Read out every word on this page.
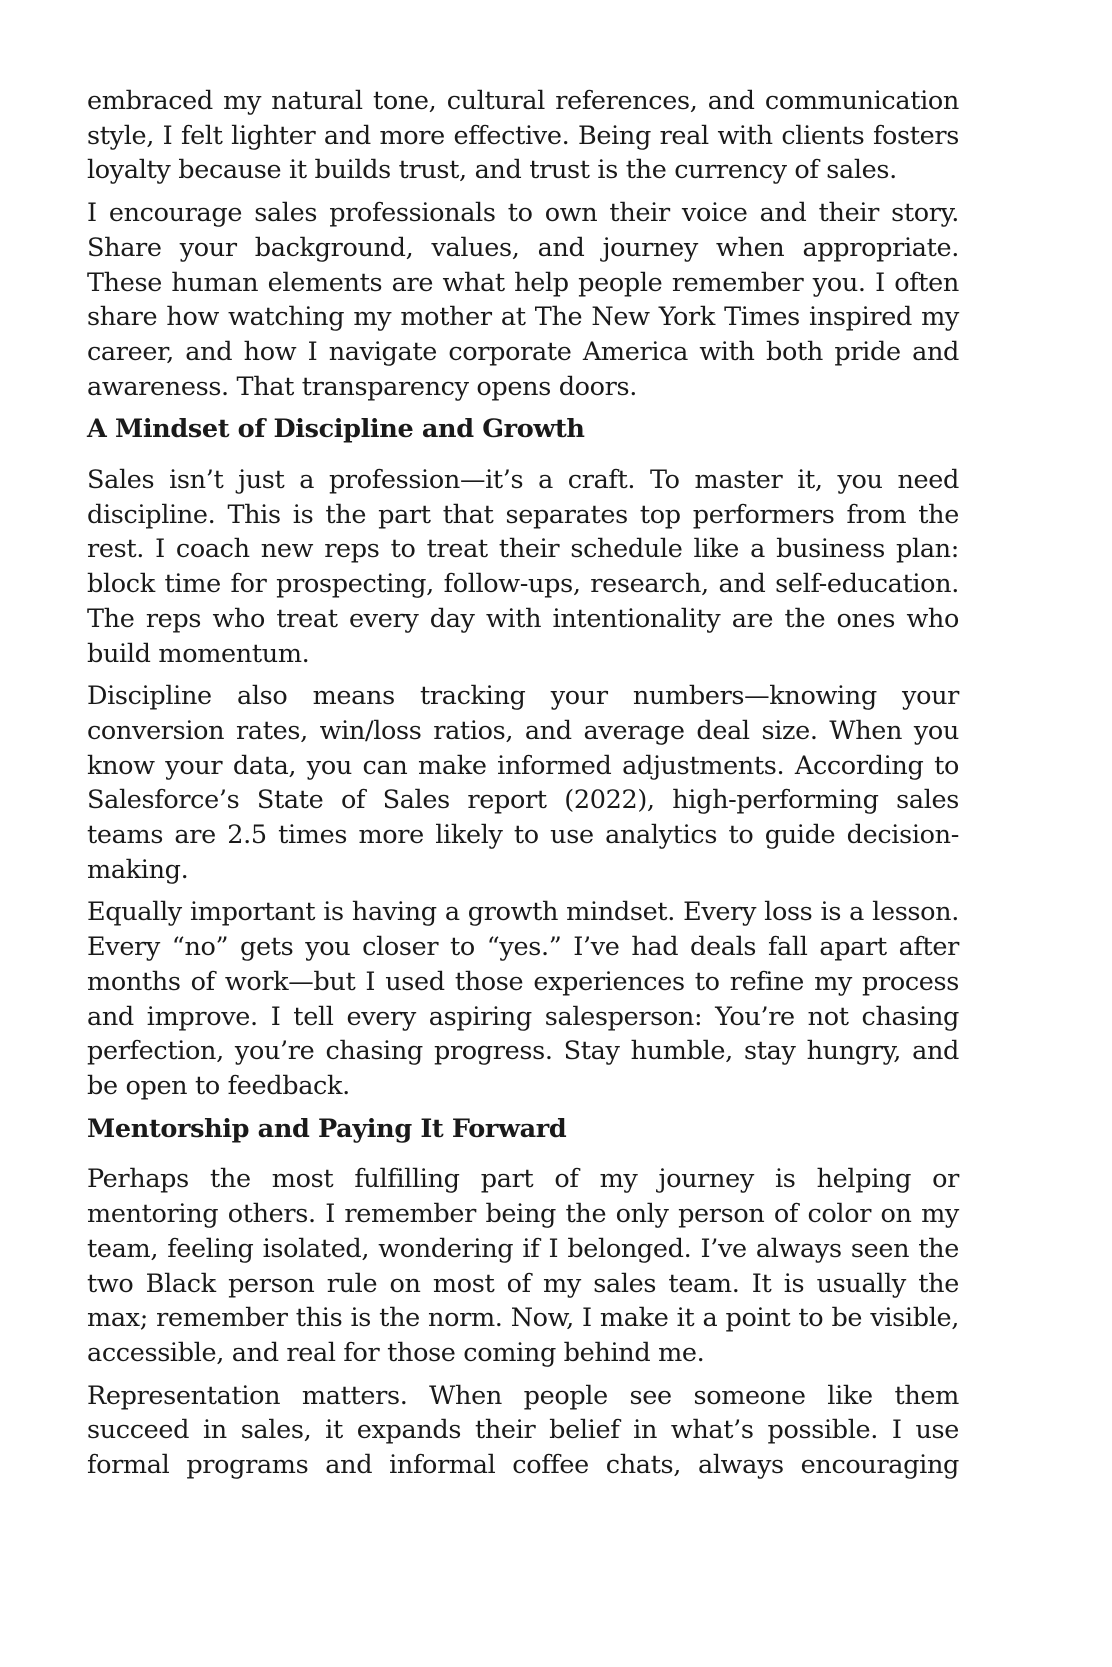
embraced my natural tone, cultural references, and communication style, I felt lighter and more effective. Being real with clients fosters loyalty because it builds trust, and trust is the currency of sales.

I encourage sales professionals to own their voice and their story. Share your background, values, and journey when appropriate. These human elements are what help people remember you. I often share how watching my mother at The New York Times inspired my career, and how I navigate corporate America with both pride and awareness. That transparency opens doors.

A Mindset of Discipline and Growth

Sales isn’t just a profession—it’s a craft. To master it, you need discipline. This is the part that separates top performers from the rest. I coach new reps to treat their schedule like a business plan: block time for prospecting, follow-ups, research, and self-education. The reps who treat every day with intentionality are the ones who build momentum.

Discipline also means tracking your numbers—knowing your conversion rates, win/loss ratios, and average deal size. When you know your data, you can make informed adjustments. According to Salesforce’s State of Sales report (2022), high-performing sales teams are 2.5 times more likely to use analytics to guide decision-making.

Equally important is having a growth mindset. Every loss is a lesson. Every “no” gets you closer to “yes.” I’ve had deals fall apart after months of work—but I used those experiences to refine my process and improve. I tell every aspiring salesperson: You’re not chasing perfection, you’re chasing progress. Stay humble, stay hungry, and be open to feedback.

Mentorship and Paying It Forward

Perhaps the most fulfilling part of my journey is helping or mentoring others. I remember being the only person of color on my team, feeling isolated, wondering if I belonged. I’ve always seen the two Black person rule on most of my sales team. It is usually the max; remember this is the norm. Now, I make it a point to be visible, accessible, and real for those coming behind me.

Representation matters. When people see someone like them succeed in sales, it expands their belief in what’s possible. I use formal programs and informal coffee chats, always encouraging
